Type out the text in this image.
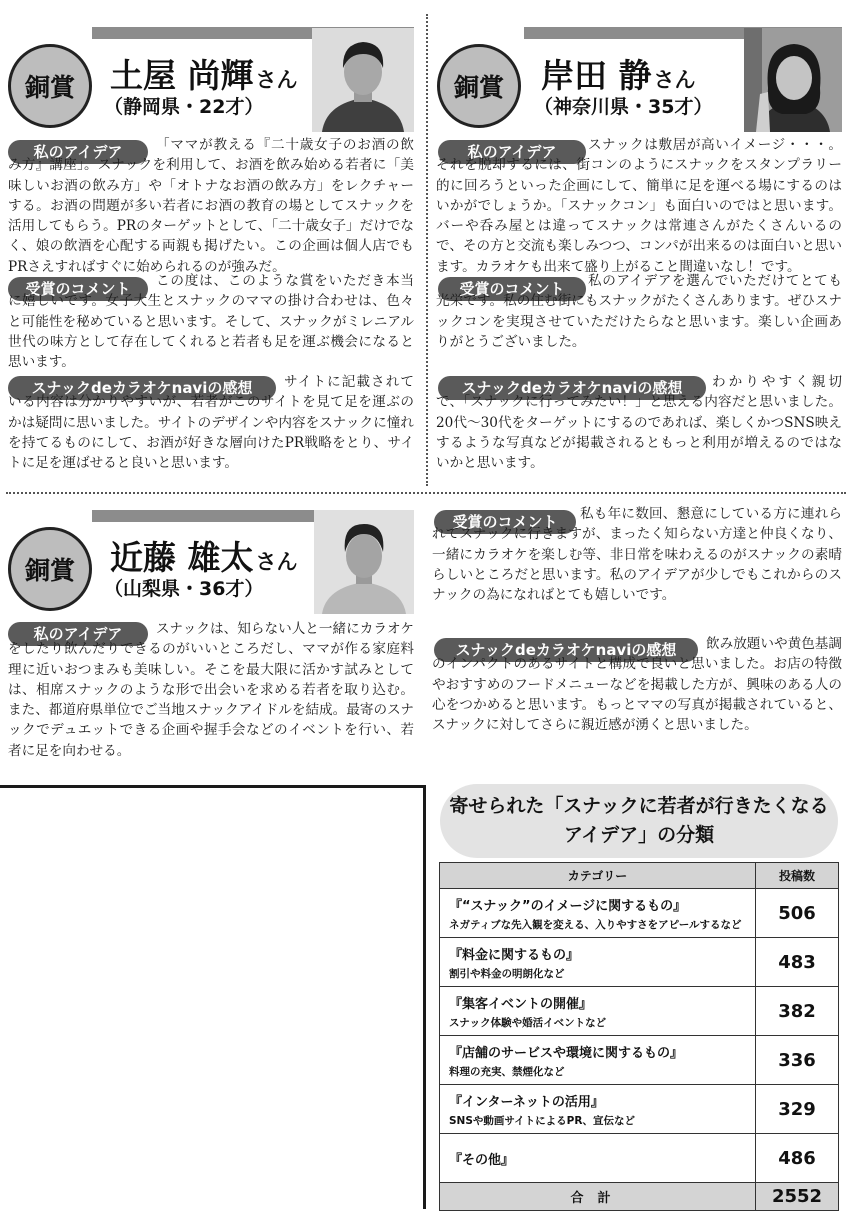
銅賞	土屋 尚輝さん
（静岡県・22才）
私のアイデア	「ママが教える『二十歳女子のお酒の飲み方』講座」。スナックを利用して、お酒を飲み始める若者に「美味しいお酒の飲み方」や「オトナなお酒の飲み方」をレクチャーする。お酒の問題が多い若者にお酒の教育の場としてスナックを活用してもらう。PRのターゲットとして、「二十歳女子」だけでなく、娘の飲酒を心配する両親も掲げたい。この企画は個人店でもPRさえすればすぐに始められるのが強みだ。
受賞のコメント	この度は、このような賞をいただき本当に嬉しいです。女子大生とスナックのママの掛け合わせは、色々と可能性を秘めていると思います。そして、スナックがミレニアル世代の味方として存在してくれると若者も足を運ぶ機会になると思います。
スナックdeカラオケnaviの感想	サイトに記載されている内容は分かりやすいが、若者がこのサイトを見て足を運ぶのかは疑問に思いました。サイトのデザインや内容をスナックに憧れを持てるものにして、お酒が好きな層向けたPR戦略をとり、サイトに足を運ばせると良いと思います。
銅賞	岸田 静さん
（神奈川県・35才）
私のアイデア	スナックは敷居が高いイメージ・・・。それを脱却するには、街コンのようにスナックをスタンプラリー的に回ろうといった企画にして、簡単に足を運べる場にするのはいかがでしょうか。「スナックコン」も面白いのではと思います。バーや呑み屋とは違ってスナックは常連さんがたくさんいるので、その方と交流も楽しみつつ、コンパが出来るのは面白いと思います。カラオケも出来て盛り上がること間違いなし！です。
受賞のコメント	私のアイデアを選んでいただけてとても光栄です。私の住む街にもスナックがたくさんあります。ぜひスナックコンを実現させていただけたらなと思います。楽しい企画ありがとうございました。
スナックdeカラオケnaviの感想	わかりやすく親切で、「スナックに行ってみたい！」と思える内容だと思いました。20代～30代をターゲットにするのであれば、楽しくかつSNS映えするような写真などが掲載されるともっと利用が増えるのではないかと思います。
銅賞	近藤 雄太さん
（山梨県・36才）
私のアイデア	スナックは、知らない人と一緒にカラオケをしたり飲んだりできるのがいいところだし、ママが作る家庭料理に近いおつまみも美味しい。そこを最大限に活かす試みとしては、相席スナックのような形で出会いを求める若者を取り込む。また、都道府県単位でご当地スナックアイドルを結成。最寄のスナックでデュエットできる企画や握手会などのイベントを行い、若者に足を向わせる。
受賞のコメント	私も年に数回、懇意にしている方に連れられてスナックに行きますが、まったく知らない方達と仲良くなり、一緒にカラオケを楽しむ等、非日常を味わえるのがスナックの素晴らしいところだと思います。私のアイデアが少しでもこれからのスナックの為になればとても嬉しいです。
スナックdeカラオケnaviの感想	飲み放題いや黄色基調のインパクトのあるサイトと構成で良いと思いました。お店の特徴やおすすめのフードメニューなどを掲載した方が、興味のある人の心をつかめると思います。もっとママの写真が掲載されていると、スナックに対してさらに親近感が湧くと思いました。
寄せられた「スナックに若者が行きたくなる
アイデア」の分類
カテゴリー	投稿数

『“スナック”のイメージに関するもの』
ネガティブな先入観を変える、入りやすさをアピールするなど	506

『料金に関するもの』
割引や料金の明朗化など	483

『集客イベントの開催』
スナック体験や婚活イベントなど	382

『店舗のサービスや環境に関するもの』
料理の充実、禁煙化など	336

『インターネットの活用』
SNSや動画サイトによるPR、宣伝など	329

『その他』	486
合計	2552
